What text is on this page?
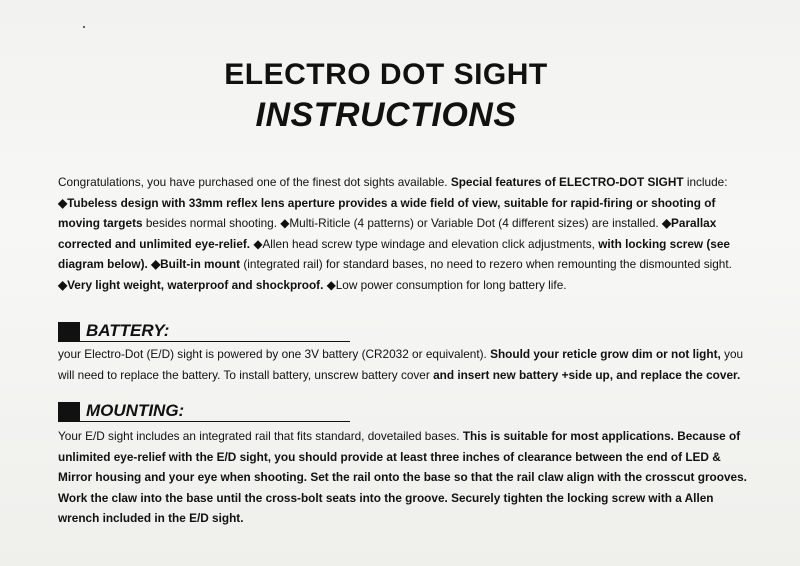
ELECTRO DOT SIGHT
INSTRUCTIONS
Congratulations, you have purchased one of the finest dot sights available. Special features of ELECTRO-DOT SIGHT include: ◆Tubeless design with 33mm reflex lens aperture provides a wide field of view, suitable for rapid-firing or shooting of moving targets besides normal shooting. ◆Multi-Riticle (4 patterns) or Variable Dot (4 different sizes) are installed. ◆Parallax corrected and unlimited eye-relief. ◆Allen head screw type windage and elevation click adjustments, with locking screw (see diagram below). ◆Built-in mount (integrated rail) for standard bases, no need to rezero when remounting the dismounted sight. ◆Very light weight, waterproof and shockproof. ◆Low power consumption for long battery life.
BATTERY:
your Electro-Dot (E/D) sight is powered by one 3V battery (CR2032 or equivalent). Should your reticle grow dim or not light, you will need to replace the battery. To install battery, unscrew battery cover and insert new battery +side up, and replace the cover.
MOUNTING:
Your E/D sight includes an integrated rail that fits standard, dovetailed bases. This is suitable for most applications. Because of unlimited eye-relief with the E/D sight, you should provide at least three inches of clearance between the end of LED & Mirror housing and your eye when shooting. Set the rail onto the base so that the rail claw align with the crosscut grooves. Work the claw into the base until the cross-bolt seats into the groove. Securely tighten the locking screw with a Allen wrench included in the E/D sight.
